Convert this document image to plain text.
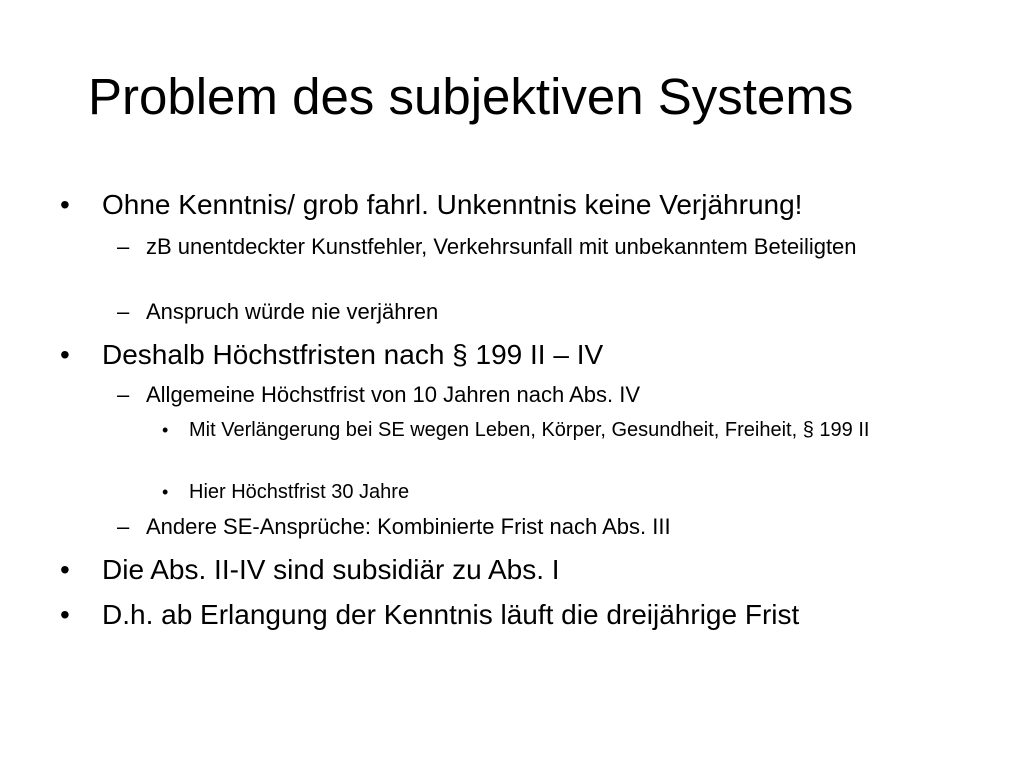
Problem des subjektiven Systems
• Ohne Kenntnis/ grob fahrl. Unkenntnis keine Verjährung!
– zB unentdeckter Kunstfehler, Verkehrsunfall mit unbekanntem Beteiligten
– Anspruch würde nie verjähren
• Deshalb Höchstfristen nach § 199 II – IV
– Allgemeine Höchstfrist von 10 Jahren nach Abs. IV
• Mit Verlängerung bei SE wegen Leben, Körper, Gesundheit, Freiheit, § 199 II
• Hier Höchstfrist 30 Jahre
– Andere SE-Ansprüche: Kombinierte Frist nach Abs. III
• Die Abs. II-IV sind subsidiär zu Abs. I
• D.h. ab Erlangung der Kenntnis läuft die dreijährige Frist
